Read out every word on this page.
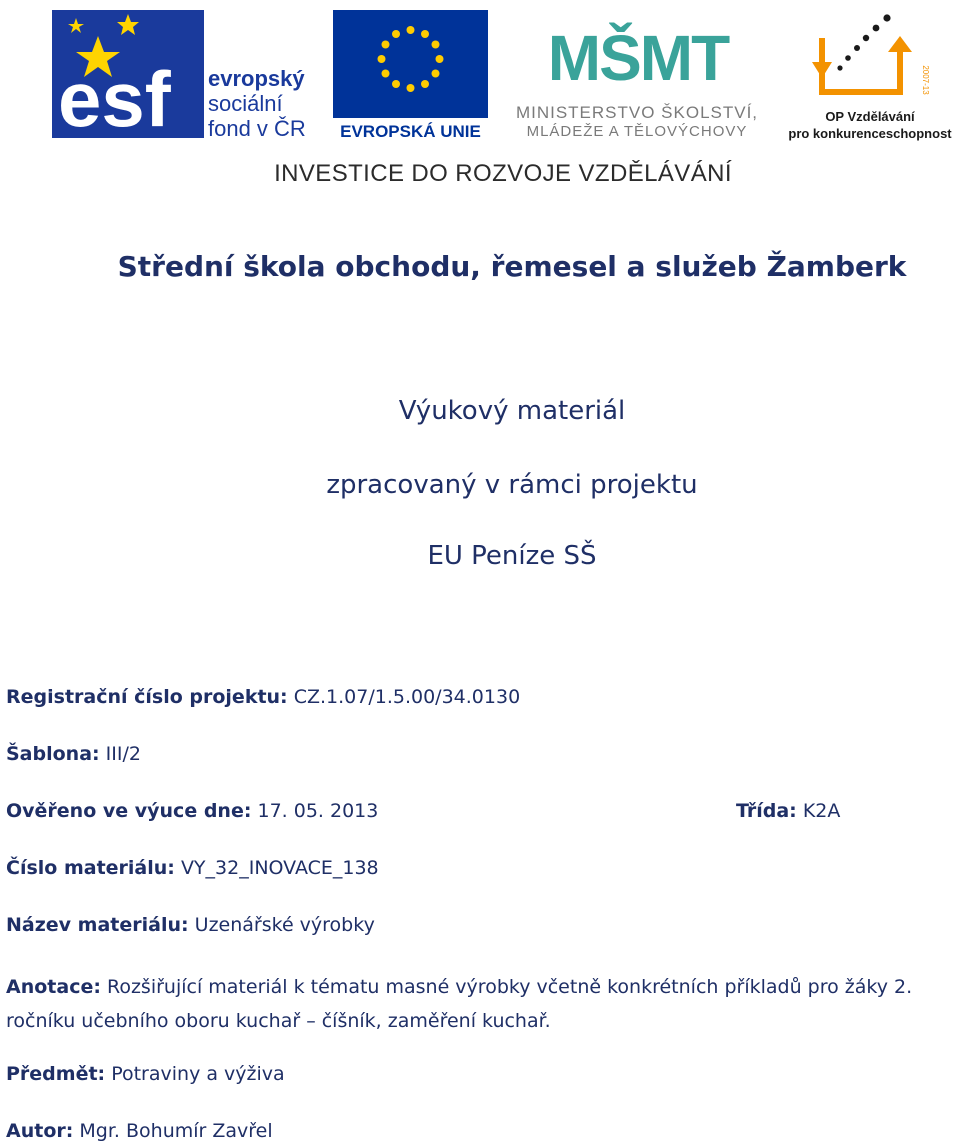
esf evropský
sociální
fond v ČR EVROPSKÁ UNIE
MŠMT
MINISTERSTVO ŠKOLSTVÍ,
MLÁDEŽE A TĚLOVÝCHOVY
2007-13
OP Vzdělávání
pro konkurenceschopnost
INVESTICE DO ROZVOJE VZDĚLÁVÁNÍ
Střední škola obchodu, řemesel a služeb Žamberk
Výukový materiál
zpracovaný v rámci projektu
EU Peníze SŠ
Registrační číslo projektu: CZ.1.07/1.5.00/34.0130
Šablona: III/2
Ověřeno ve výuce dne: 17. 05. 2013	Třída: K2A
Číslo materiálu: VY_32_INOVACE_138
Název materiálu: Uzenářské výrobky
Anotace: Rozšiřující materiál k tématu masné výrobky včetně konkrétních příkladů pro žáky 2. ročníku učebního oboru kuchař – číšník, zaměření kuchař.
Předmět: Potraviny a výživa
Autor: Mgr. Bohumír Zavřel
